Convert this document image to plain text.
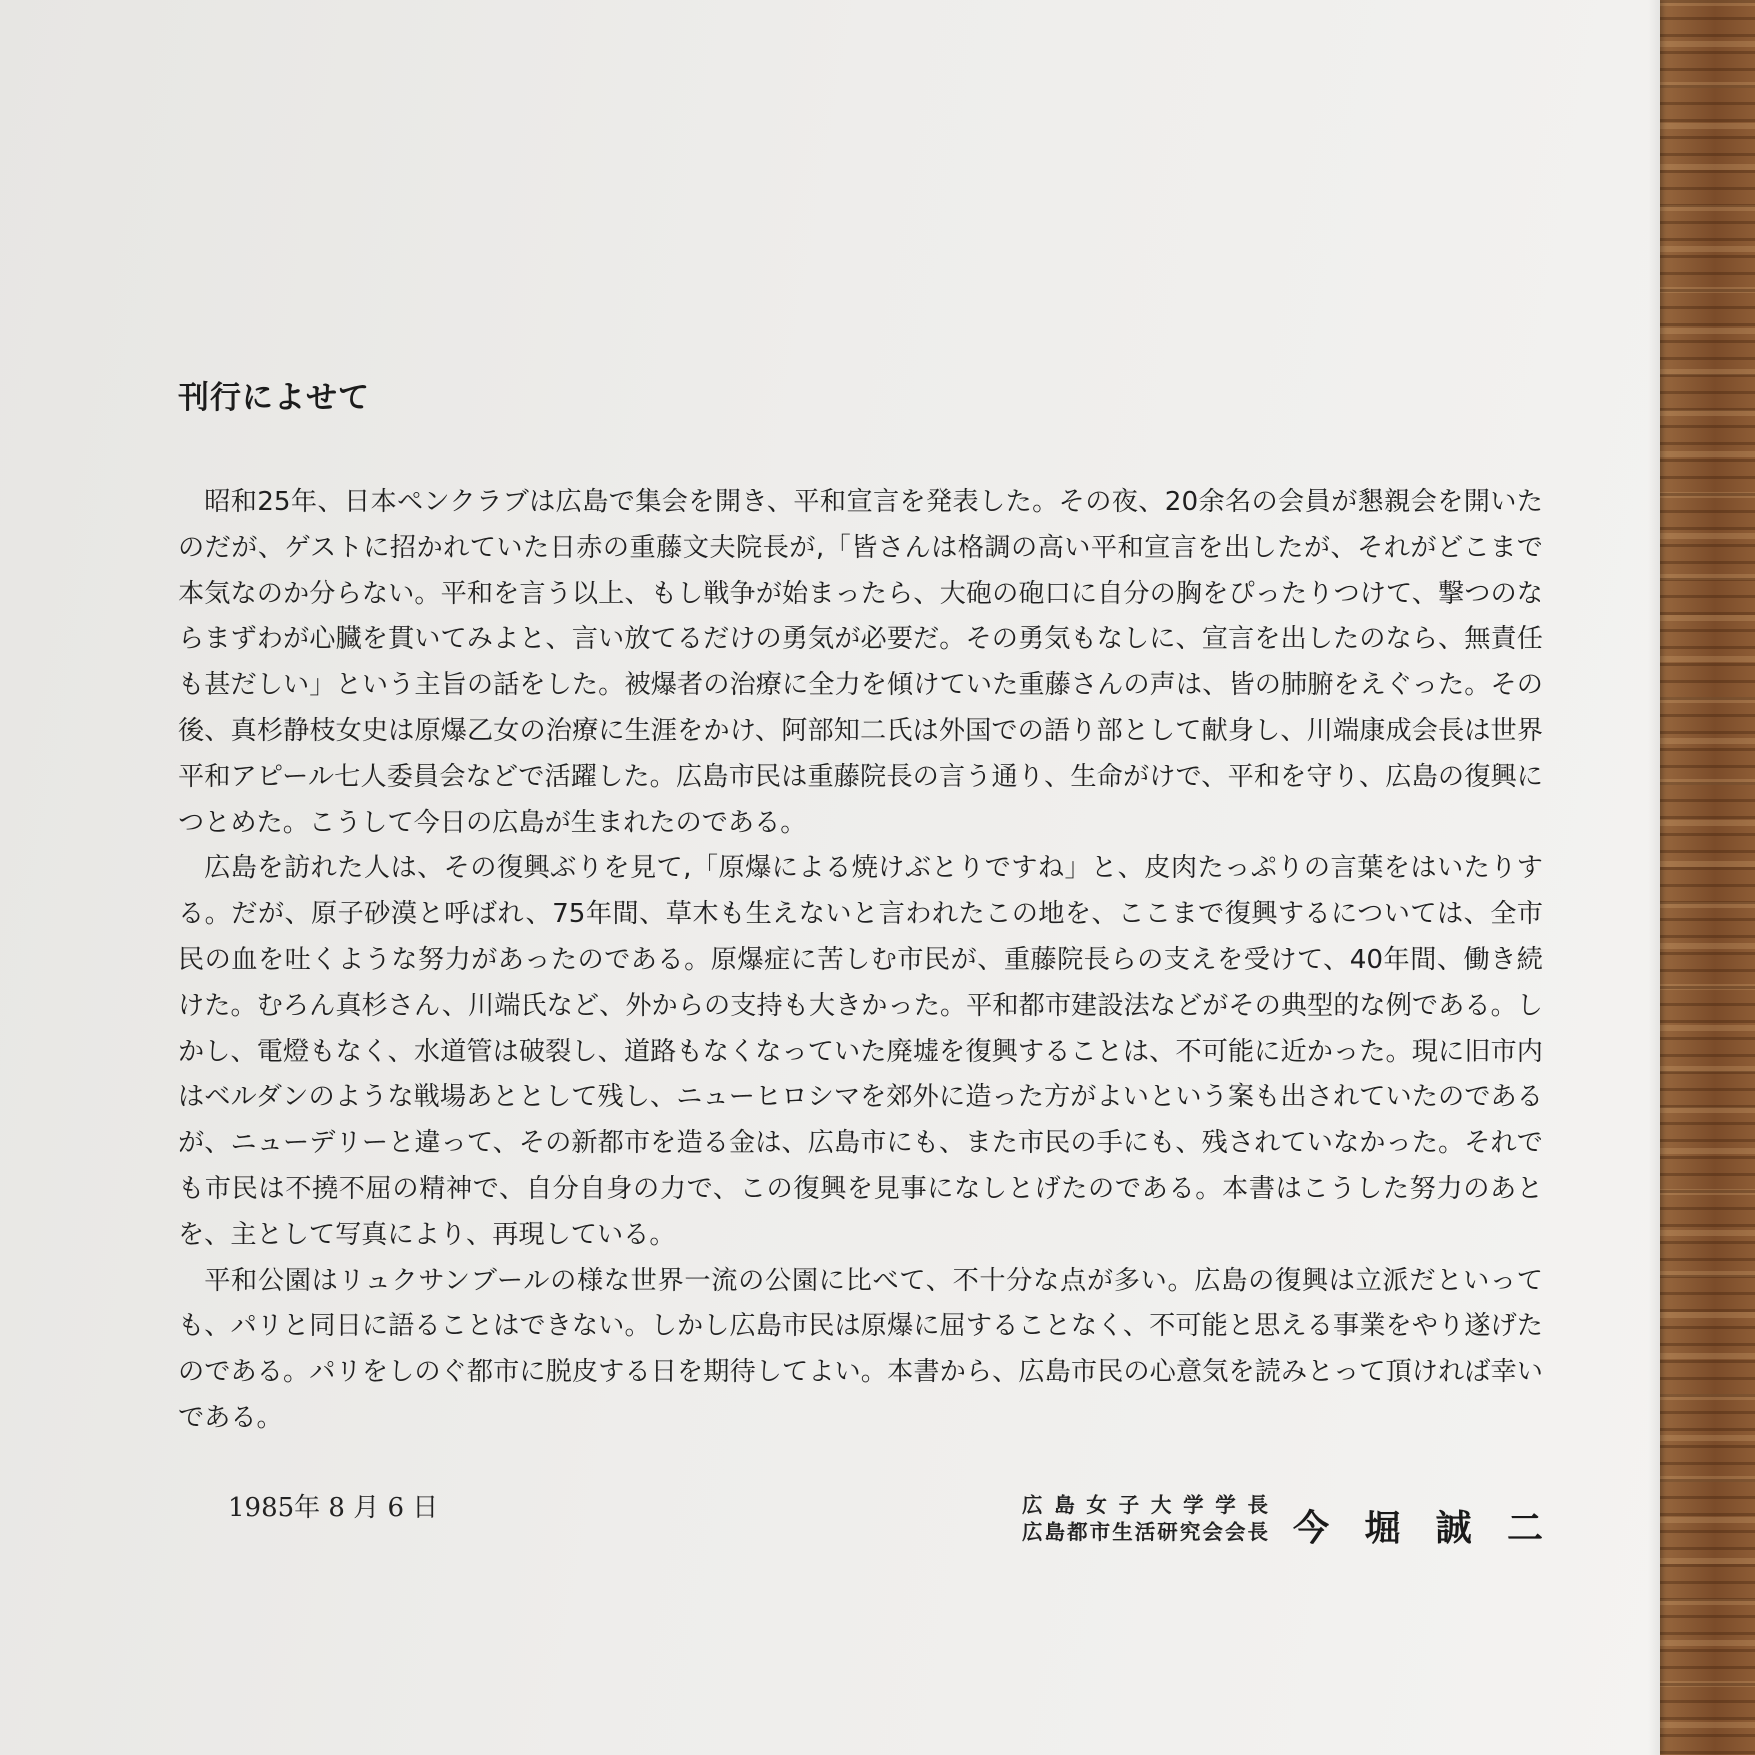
刊行によせて

昭和25年、日本ペンクラブは広島で集会を開き、平和宣言を発表した。その夜、20余名の会員が懇親会を開いたのだが、ゲストに招かれていた日赤の重藤文夫院長が,「皆さんは格調の高い平和宣言を出したが、それがどこまで本気なのか分らない。平和を言う以上、もし戦争が始まったら、大砲の砲口に自分の胸をぴったりつけて、撃つのならまずわが心臓を貫いてみよと、言い放てるだけの勇気が必要だ。その勇気もなしに、宣言を出したのなら、無責任も甚だしい」という主旨の話をした。被爆者の治療に全力を傾けていた重藤さんの声は、皆の肺腑をえぐった。その後、真杉静枝女史は原爆乙女の治療に生涯をかけ、阿部知二氏は外国での語り部として献身し、川端康成会長は世界平和アピール七人委員会などで活躍した。広島市民は重藤院長の言う通り、生命がけで、平和を守り、広島の復興につとめた。こうして今日の広島が生まれたのである。

広島を訪れた人は、その復興ぶりを見て,「原爆による焼けぶとりですね」と、皮肉たっぷりの言葉をはいたりする。だが、原子砂漠と呼ばれ、75年間、草木も生えないと言われたこの地を、ここまで復興するについては、全市民の血を吐くような努力があったのである。原爆症に苦しむ市民が、重藤院長らの支えを受けて、40年間、働き続けた。むろん真杉さん、川端氏など、外からの支持も大きかった。平和都市建設法などがその典型的な例である。しかし、電燈もなく、水道管は破裂し、道路もなくなっていた廃墟を復興することは、不可能に近かった。現に旧市内はベルダンのような戦場あととして残し、ニューヒロシマを郊外に造った方がよいという案も出されていたのであるが、ニューデリーと違って、その新都市を造る金は、広島市にも、また市民の手にも、残されていなかった。それでも市民は不撓不屈の精神で、自分自身の力で、この復興を見事になしとげたのである。本書はこうした努力のあとを、主として写真により、再現している。

平和公園はリュクサンブールの様な世界一流の公園に比べて、不十分な点が多い。広島の復興は立派だといっても、パリと同日に語ることはできない。しかし広島市民は原爆に屈することなく、不可能と思える事業をやり遂げたのである。パリをしのぐ都市に脱皮する日を期待してよい。本書から、広島市民の心意気を読みとって頂ければ幸いである。

1985年 8 月 6 日	広島女子大学学長
広島都市生活研究会会長 今 堀 誠 二
